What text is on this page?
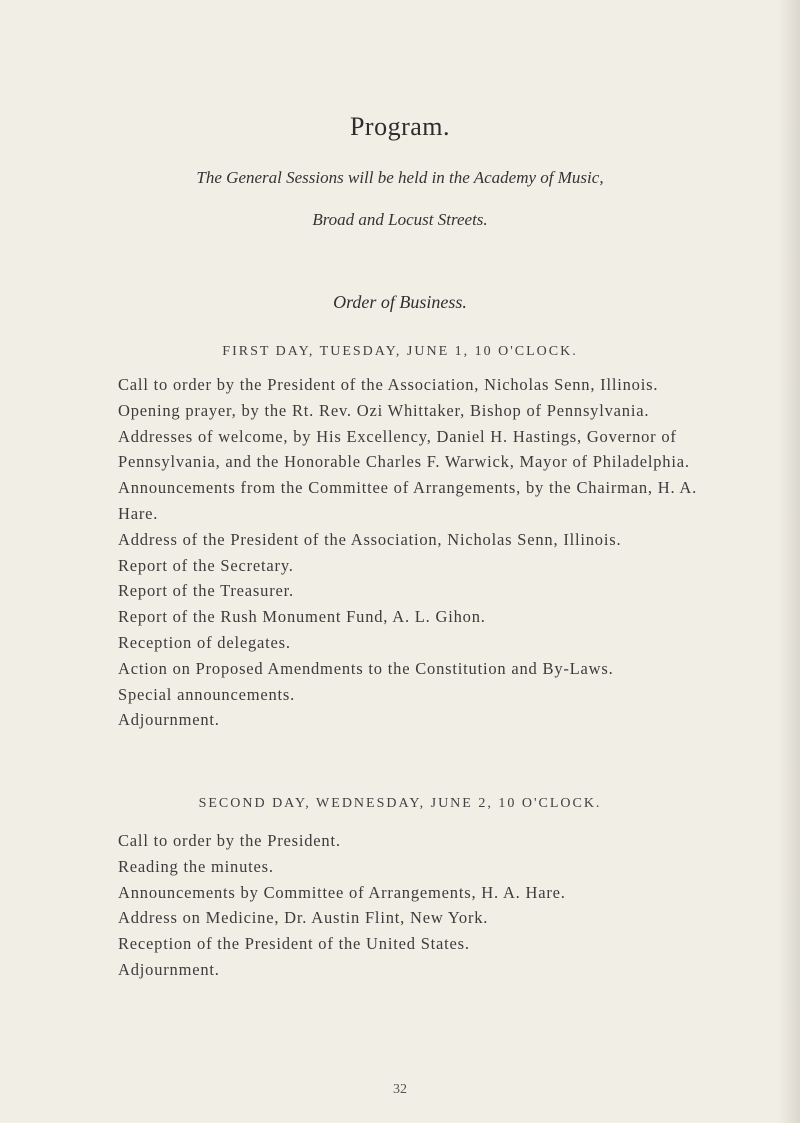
Program.
The General Sessions will be held in the Academy of Music,
Broad and Locust Streets.
Order of Business.
FIRST DAY, TUESDAY, JUNE 1, 10 O'CLOCK.
Call to order by the President of the Association, Nicholas Senn, Illinois.
Opening prayer, by the Rt. Rev. Ozi Whittaker, Bishop of Pennsylvania.
Addresses of welcome, by His Excellency, Daniel H. Hastings, Governor of Pennsylvania, and the Honorable Charles F. Warwick, Mayor of Philadelphia.
Announcements from the Committee of Arrangements, by the Chairman, H. A. Hare.
Address of the President of the Association, Nicholas Senn, Illinois.
Report of the Secretary.
Report of the Treasurer.
Report of the Rush Monument Fund, A. L. Gihon.
Reception of delegates.
Action on Proposed Amendments to the Constitution and By-Laws.
Special announcements.
Adjournment.
SECOND DAY, WEDNESDAY, JUNE 2, 10 O'CLOCK.
Call to order by the President.
Reading the minutes.
Announcements by Committee of Arrangements, H. A. Hare.
Address on Medicine, Dr. Austin Flint, New York.
Reception of the President of the United States.
Adjournment.
32
